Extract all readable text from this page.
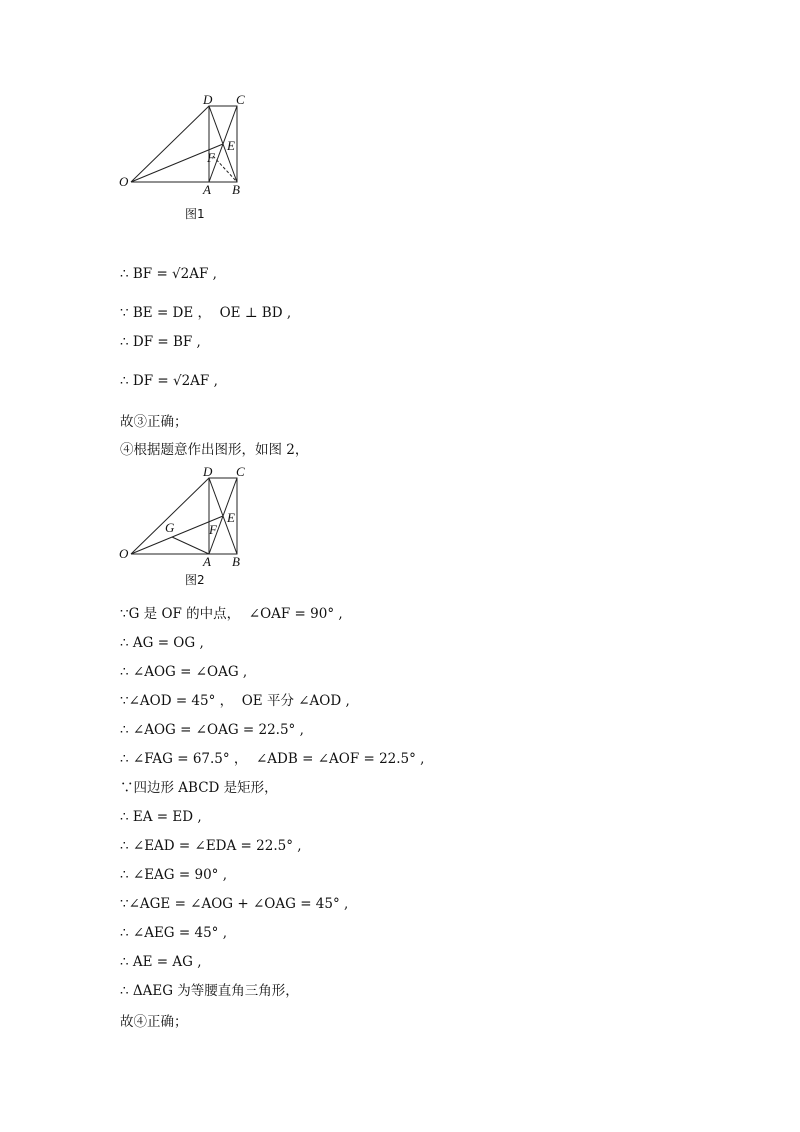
O
A B
C
D
E
F
图1
O
A B
C
D
E
F
G
图2
∴ BF = √2AF ,
∵ BE = DE ，  OE ⊥ BD ,
∴ DF = BF ,
∴ DF = √2AF ,
故③正确；
④根据题意作出图形，如图 2，
∵G 是 OF 的中点，  ∠OAF = 90° ,
∴ AG = OG ,
∴ ∠AOG = ∠OAG ,
∵∠AOD = 45° ，  OE 平分 ∠AOD ,
∴ ∠AOG = ∠OAG = 22.5° ,
∴ ∠FAG = 67.5° ，  ∠ADB = ∠AOF = 22.5° ,
∵四边形 ABCD 是矩形，
∴ EA = ED ,
∴ ∠EAD = ∠EDA = 22.5° ,
∴ ∠EAG = 90° ,
∵∠AGE = ∠AOG + ∠OAG = 45° ,
∴ ∠AEG = 45° ,
∴ AE = AG ,
∴ ΔAEG 为等腰直角三角形，
故④正确；
